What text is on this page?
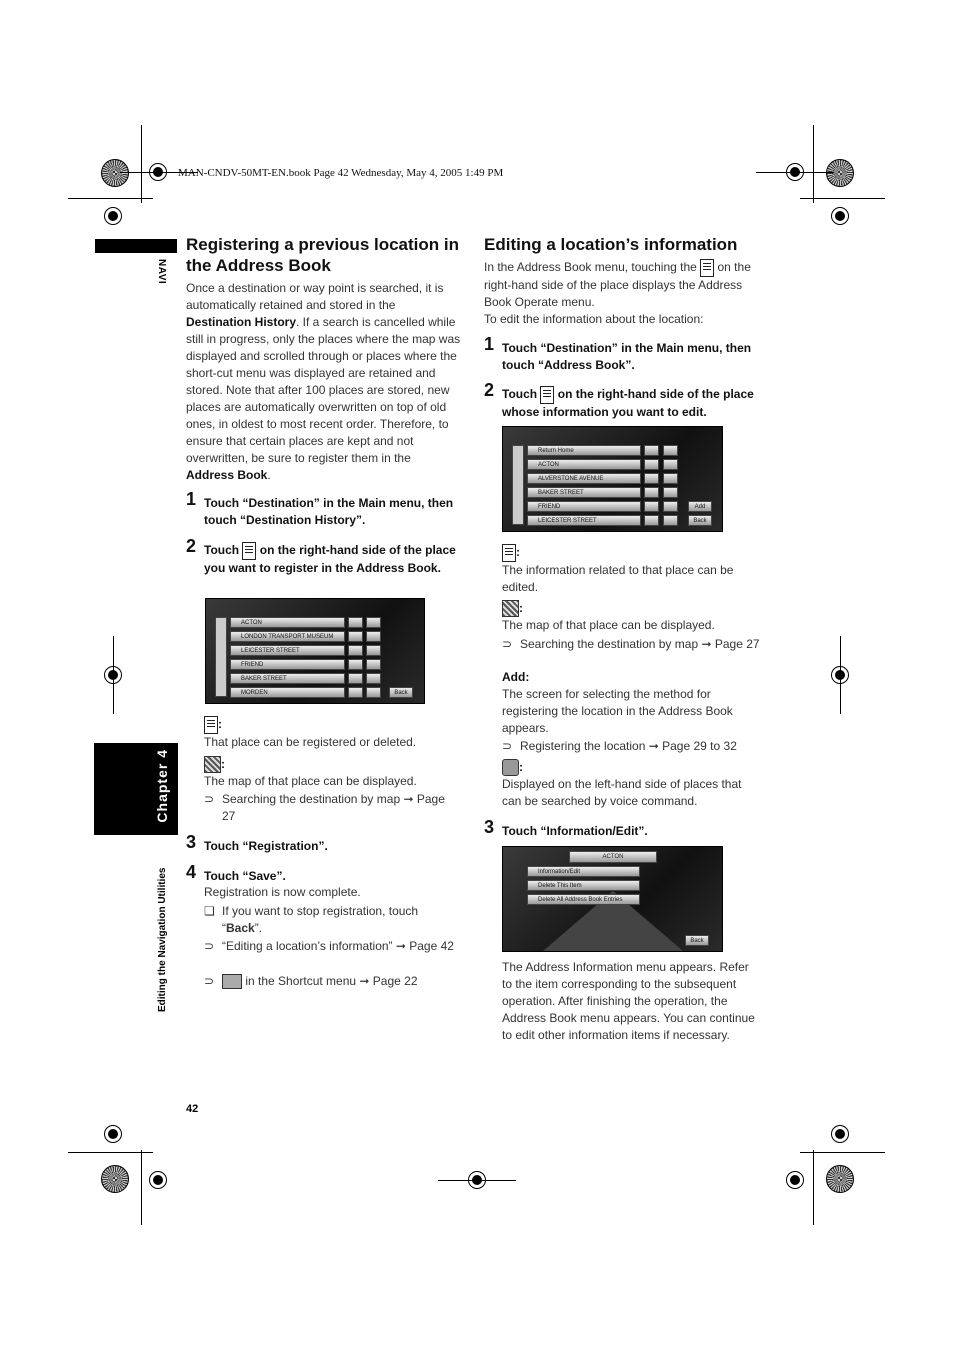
MAN-CNDV-50MT-EN.book Page 42 Wednesday, May 4, 2005 1:49 PM
NAVI
Chapter 4
Editing the Navigation Utilities
Registering a previous location in the Address Book
Once a destination or way point is searched, it is automatically retained and stored in the Destination History. If a search is cancelled while still in progress, only the places where the map was displayed and scrolled through or places where the short-cut menu was displayed are retained and stored. Note that after 100 places are stored, new places are automatically overwritten on top of old ones, in oldest to most recent order. Therefore, to ensure that certain places are kept and not overwritten, be sure to register them in the Address Book.
1 Touch “Destination” in the Main menu, then touch “Destination History”.
2 Touch on the right-hand side of the place you want to register in the Address Book.
ACTON
LONDON TRANSPORT MUSEUM
LEICESTER STREET
FRIEND
BAKER STREET
MORDEN	Back
:
That place can be registered or deleted.
:
The map of that place can be displayed.
⊃ Searching the destination by map ➞ Page 27
3 Touch “Registration”.
4 Touch “Save”.
Registration is now complete.
❏ If you want to stop registration, touch “Back”.
⊃ “Editing a location’s information” ➞ Page 42
⊃	in the Shortcut menu ➞ Page 22
Editing a location’s information
In the Address Book menu, touching the on the right-hand side of the place displays the Address Book Operate menu.
To edit the information about the location:
1 Touch “Destination” in the Main menu, then touch “Address Book”.
2 Touch on the right-hand side of the place whose information you want to edit.
Return Home
ACTON
ALVERSTONE AVENUE
BAKER STREET
FRIEND
LEICESTER STREET
Add
Back
:
The information related to that place can be edited.
:
The map of that place can be displayed.
⊃ Searching the destination by map ➞ Page 27
Add:
The screen for selecting the method for registering the location in the Address Book appears.
⊃ Registering the location ➞ Page 29 to 32
:
Displayed on the left-hand side of places that can be searched by voice command.
3 Touch “Information/Edit”.
ACTON
Information/Edit
Delete This Item
Delete All Address Book Entries
Back
The Address Information menu appears. Refer to the item corresponding to the subsequent operation. After finishing the operation, the Address Book menu appears. You can continue to edit other information items if necessary.
42
